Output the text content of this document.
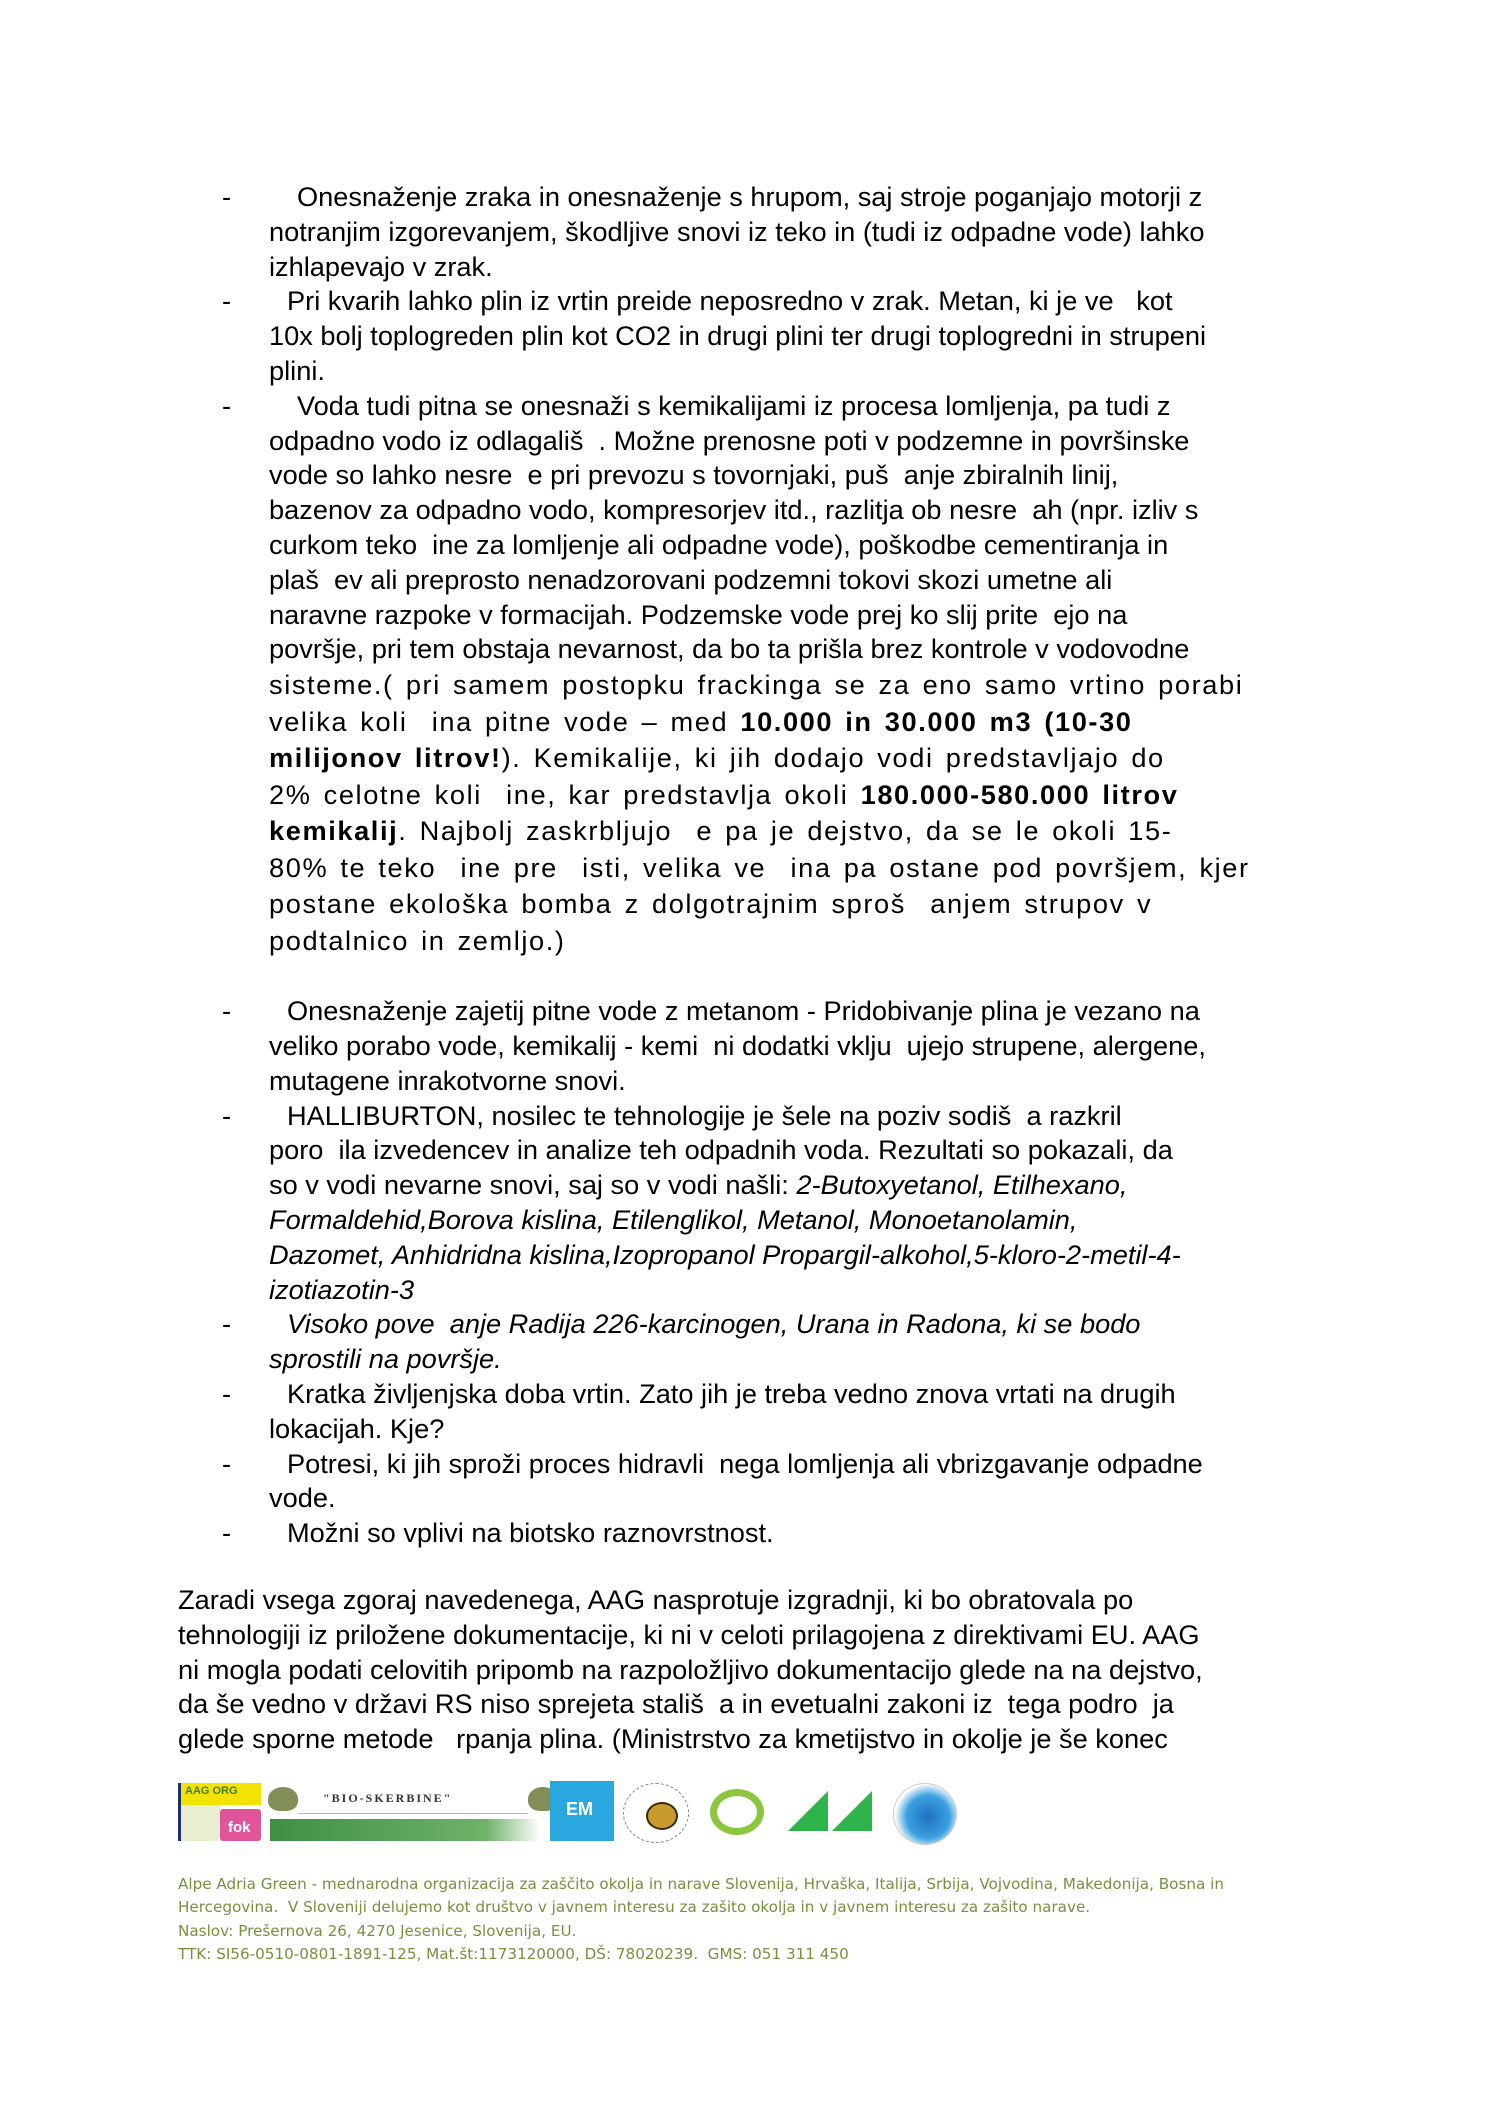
-	Onesnaženje zraka in onesnaženje s hrupom, saj stroje poganjajo motorji z
notranjim izgorevanjem, škodljive snovi iz teko in (tudi iz odpadne vode) lahko
izhlapevajo v zrak.
-	Pri kvarih lahko plin iz vrtin preide neposredno v zrak. Metan, ki je ve   kot
10x bolj toplogreden plin kot CO2 in drugi plini ter drugi toplogredni in strupeni
plini.
-	Voda tudi pitna se onesnaži s kemikalijami iz procesa lomljenja, pa tudi z
odpadno vodo iz odlagališ  . Možne prenosne poti v podzemne in površinske
vode so lahko nesre  e pri prevozu s tovornjaki, puš  anje zbiralnih linij,
bazenov za odpadno vodo, kompresorjev itd., razlitja ob nesre  ah (npr. izliv s
curkom teko  ine za lomljenje ali odpadne vode), poškodbe cementiranja in
plaš  ev ali preprosto nenadzorovani podzemni tokovi skozi umetne ali
naravne razpoke v formacijah. Podzemske vode prej ko slij prite  ejo na
površje, pri tem obstaja nevarnost, da bo ta prišla brez kontrole v vodovodne
sisteme.( pri samem postopku frackinga se za eno samo vrtino porabi
velika koli  ina pitne vode – med 10.000 in 30.000 m3 (10-30
milijonov litrov!). Kemikalije, ki jih dodajo vodi predstavljajo do
2% celotne koli  ine, kar predstavlja okoli 180.000-580.000 litrov
kemikalij. Najbolj zaskrbljujo  e pa je dejstvo, da se le okoli 15-
80% te teko  ine pre  isti, velika ve  ina pa ostane pod površjem, kjer
postane ekološka bomba z dolgotrajnim sproš  anjem strupov v
podtalnico in zemljo.)
-	Onesnaženje zajetij pitne vode z metanom - Pridobivanje plina je vezano na
veliko porabo vode, kemikalij - kemi  ni dodatki vklju  ujejo strupene, alergene,
mutagene inrakotvorne snovi.
-	HALLIBURTON, nosilec te tehnologije je šele na poziv sodiš  a razkril
poro  ila izvedencev in analize teh odpadnih voda. Rezultati so pokazali, da
so v vodi nevarne snovi, saj so v vodi našli: 2-Butoxyetanol, Etilhexano,
Formaldehid,Borova kislina, Etilenglikol, Metanol, Monoetanolamin,
Dazomet, Anhidridna kislina,Izopropanol Propargil-alkohol,5-kloro-2-metil-4-
izotiazotin-3
-	Visoko pove  anje Radija 226-karcinogen, Urana in Radona, ki se bodo
sprostili na površje.
-	Kratka življenjska doba vrtin. Zato jih je treba vedno znova vrtati na drugih
lokacijah. Kje?
-	Potresi, ki jih sproži proces hidravli  nega lomljenja ali vbrizgavanje odpadne
vode.
-	Možni so vplivi na biotsko raznovrstnost.
Zaradi vsega zgoraj navedenega, AAG nasprotuje izgradnji, ki bo obratovala po
tehnologiji iz priložene dokumentacije, ki ni v celoti prilagojena z direktivami EU. AAG
ni mogla podati celovitih pripomb na razpoložljivo dokumentacijo glede na na dejstvo,
da še vedno v državi RS niso sprejeta stališ  a in evetualni zakoni iz  tega podro  ja
glede sporne metode   rpanja plina. (Ministrstvo za kmetijstvo in okolje je še konec
AAG ORG
fok
"BIO-SKERBINE"
EM
Alpe Adria Green - mednarodna organizacija za zaščito okolja in narave Slovenija, Hrvaška, Italija, Srbija, Vojvodina, Makedonija, Bosna in
Hercegovina.  V Sloveniji delujemo kot društvo v javnem interesu za zašito okolja in v javnem interesu za zašito narave.
Naslov: Prešernova 26, 4270 Jesenice, Slovenija, EU.
TTK: SI56-0510-0801-1891-125, Mat.št:1173120000, DŠ: 78020239.  GMS: 051 311 450
